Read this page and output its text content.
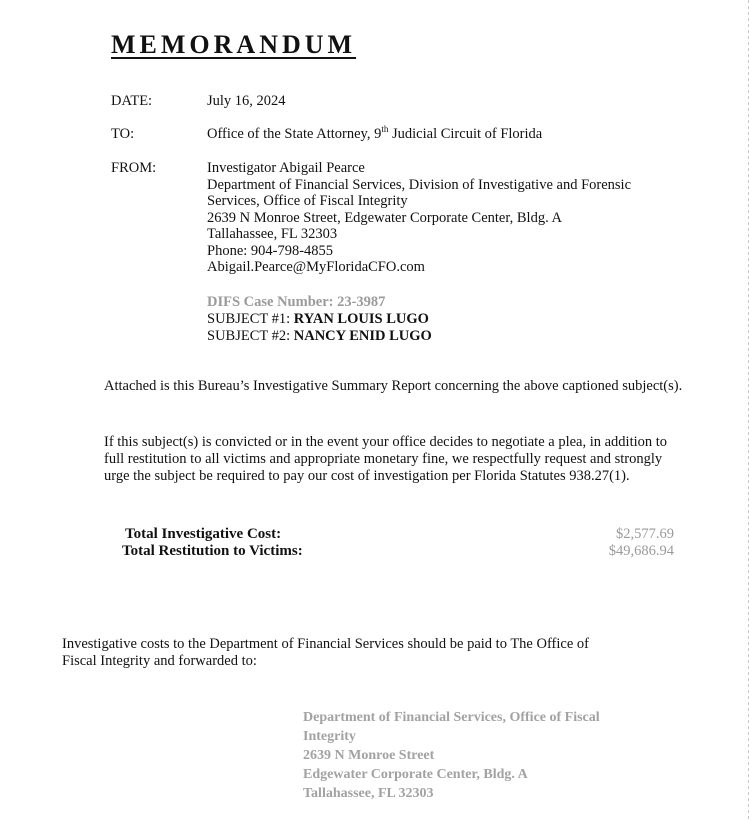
MEMORANDUM
DATE:	July 16, 2024
TO:	Office of the State Attorney, 9th Judicial Circuit of Florida
FROM:	Investigator Abigail Pearce
Department of Financial Services, Division of Investigative and Forensic
Services, Office of Fiscal Integrity
2639 N Monroe Street, Edgewater Corporate Center, Bldg. A
Tallahassee, FL 32303
Phone: 904-798-4855
Abigail.Pearce@MyFloridaCFO.com
DIFS Case Number: 23-3987
SUBJECT #1: RYAN LOUIS LUGO
SUBJECT #2: NANCY ENID LUGO
Attached is this Bureau’s Investigative Summary Report concerning the above captioned subject(s).
If this subject(s) is convicted or in the event your office decides to negotiate a plea, in addition to full restitution to all victims and appropriate monetary fine, we respectfully request and strongly urge the subject be required to pay our cost of investigation per Florida Statutes 938.27(1).
Total Investigative Cost:	$2,577.69
Total Restitution to Victims:	$49,686.94
Investigative costs to the Department of Financial Services should be paid to The Office of Fiscal Integrity and forwarded to:
Department of Financial Services, Office of Fiscal
Integrity
2639 N Monroe Street
Edgewater Corporate Center, Bldg. A
Tallahassee, FL 32303
